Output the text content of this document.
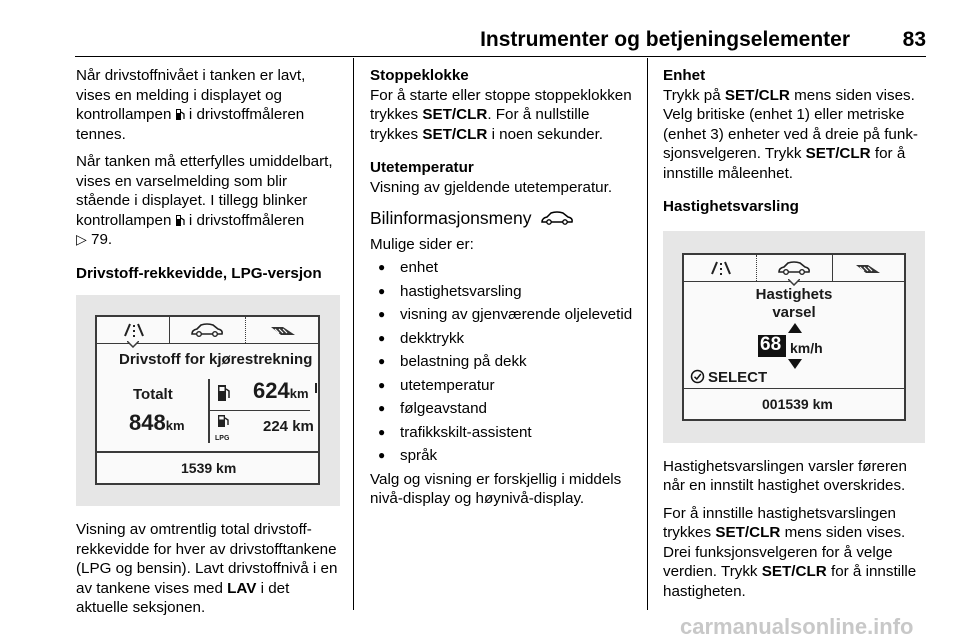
Instrumenter og betjeningselementer	83

Når drivstoffnivået i tanken er lavt, vises en melding i displayet og kontrollampen i drivstoffmåleren tennes.

Når tanken må etterfylles umiddelbart, vises en varselmelding som blir stående i displayet. I tillegg blinker kontrollampen i drivstoffmåleren
▷ 79.

Drivstoff-rekkevidde, LPG-versjon
Drivstoff for kjørestrekning
Totalt
848km
624km
LPG
224 km
1539 km

Visning av omtrentlig total drivstoffrekkevidde for hver av drivstofftankene (LPG og bensin). Lavt drivstoffnivå i en av tankene vises med LAV i det aktuelle seksjonen.

Stoppeklokke

For å starte eller stoppe stoppeklokken trykkes SET/CLR. For å nullstille trykkes SET/CLR i noen sekunder.

Utetemperatur

Visning av gjeldende utetemperatur.

Bilinformasjonsmeny

Mulige sider er:

● enhet
● hastighetsvarsling
● visning av gjenværende oljelevetid
● dekktrykk
● belastning på dekk
● utetemperatur
● følgeavstand
● trafikkskilt-assistent
● språk

Valg og visning er forskjellig i middels nivå-display og høynivå-display.

Enhet

Trykk på SET/CLR mens siden vises. Velg britiske (enhet 1) eller metriske (enhet 3) enheter ved å dreie på funksjonsvelgeren. Trykk SET/CLR for å innstille måleenhet.

Hastighetsvarsling
Hastighets
varsel
68 km/h
SELECT
001539 km

Hastighetsvarslingen varsler føreren når en innstilt hastighet overskrides.

For å innstille hastighetsvarslingen trykkes SET/CLR mens siden vises. Drei funksjonsvelgeren for å velge verdien. Trykk SET/CLR for å innstille hastigheten.

carmanualsonline.info
